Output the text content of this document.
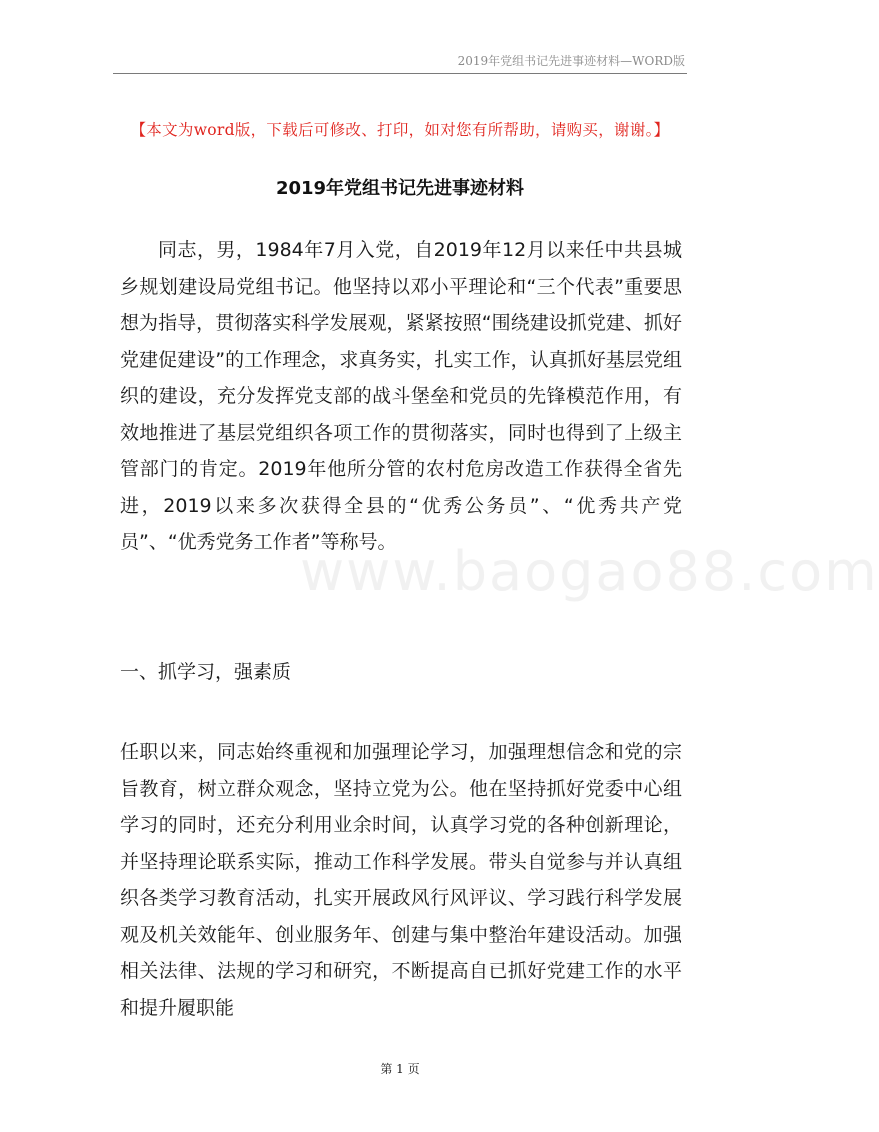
2019年党组书记先进事迹材料—WORD版
【本文为word版，下载后可修改、打印，如对您有所帮助，请购买，谢谢。】
2019年党组书记先进事迹材料
同志，男，1984年7月入党，自2019年12月以来任中共县城乡规划建设局党组书记。他坚持以邓小平理论和“三个代表”重要思想为指导，贯彻落实科学发展观，紧紧按照“围绕建设抓党建、抓好党建促建设”的工作理念，求真务实，扎实工作，认真抓好基层党组织的建设，充分发挥党支部的战斗堡垒和党员的先锋模范作用，有效地推进了基层党组织各项工作的贯彻落实，同时也得到了上级主管部门的肯定。2019年他所分管的农村危房改造工作获得全省先进，2019以来多次获得全县的“优秀公务员”、“优秀共产党员”、“优秀党务工作者”等称号。
www.baogao88.com
一、抓学习，强素质
任职以来，同志始终重视和加强理论学习，加强理想信念和党的宗旨教育，树立群众观念，坚持立党为公。他在坚持抓好党委中心组学习的同时，还充分利用业余时间，认真学习党的各种创新理论，并坚持理论联系实际，推动工作科学发展。带头自觉参与并认真组织各类学习教育活动，扎实开展政风行风评议、学习践行科学发展观及机关效能年、创业服务年、创建与集中整治年建设活动。加强相关法律、法规的学习和研究，不断提高自已抓好党建工作的水平和提升履职能
第 1 页
